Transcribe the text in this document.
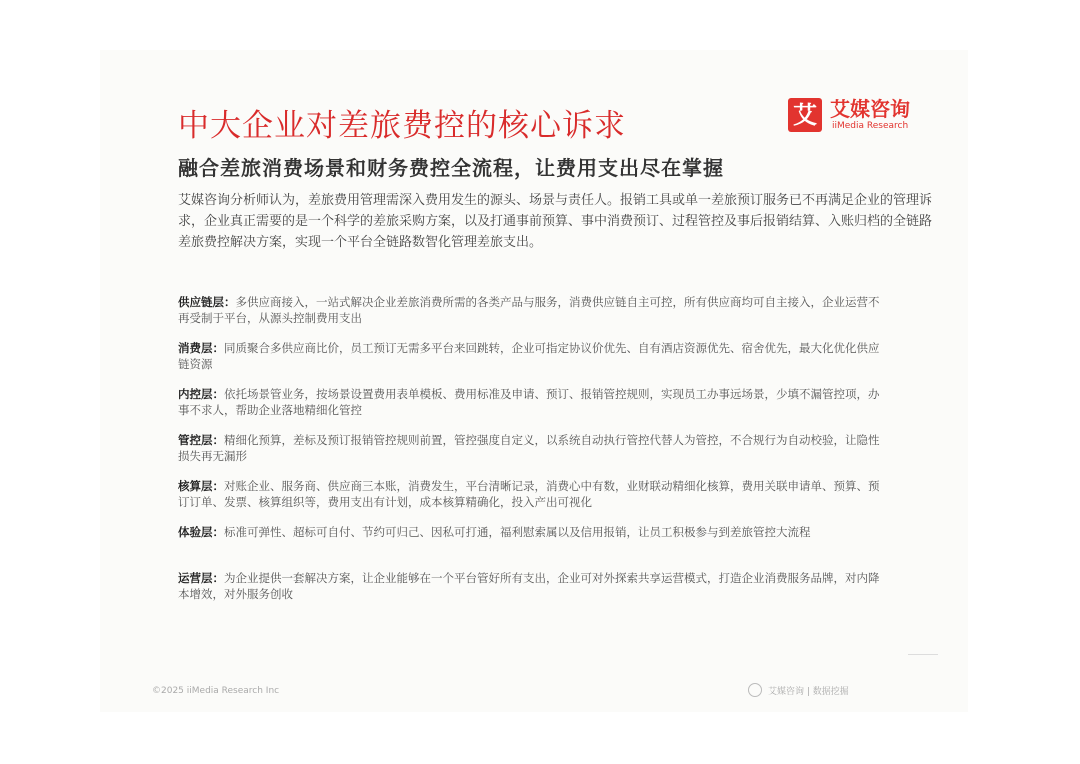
中大企业对差旅费控的核心诉求	艾 艾媒咨询
iiMedia Research
融合差旅消费场景和财务费控全流程，让费用支出尽在掌握

艾媒咨询分析师认为，差旅费用管理需深入费用发生的源头、场景与责任人。报销工具或单一差旅预订服务已不再满足企业的管理诉求，企业真正需要的是一个科学的差旅采购方案，以及打通事前预算、事中消费预订、过程管控及事后报销结算、入账归档的全链路差旅费控解决方案，实现一个平台全链路数智化管理差旅支出。

供应链层：多供应商接入，一站式解决企业差旅消费所需的各类产品与服务，消费供应链自主可控，所有供应商均可自主接入，企业运营不再受制于平台，从源头控制费用支出
消费层：同质聚合多供应商比价，员工预订无需多平台来回跳转，企业可指定协议价优先、自有酒店资源优先、宿舍优先，最大化优化供应链资源
内控层：依托场景管业务，按场景设置费用表单模板、费用标准及申请、预订、报销管控规则，实现员工办事远场景，少填不漏管控项，办事不求人，帮助企业落地精细化管控
管控层：精细化预算，差标及预订报销管控规则前置，管控强度自定义，以系统自动执行管控代替人为管控，不合规行为自动校验，让隐性损失再无漏形
核算层：对账企业、服务商、供应商三本账，消费发生，平台清晰记录，消费心中有数，业财联动精细化核算，费用关联申请单、预算、预订订单、发票、核算组织等，费用支出有计划，成本核算精确化，投入产出可视化
体验层：标准可弹性、超标可自付、节约可归己、因私可打通，福利慰索属以及信用报销，让员工积极参与到差旅管控大流程
运营层：为企业提供一套解决方案，让企业能够在一个平台管好所有支出，企业可对外探索共享运营模式，打造企业消费服务品牌，对内降本增效，对外服务创收
©2025 iiMedia Research Inc	艾媒咨询 | 数据挖掘
